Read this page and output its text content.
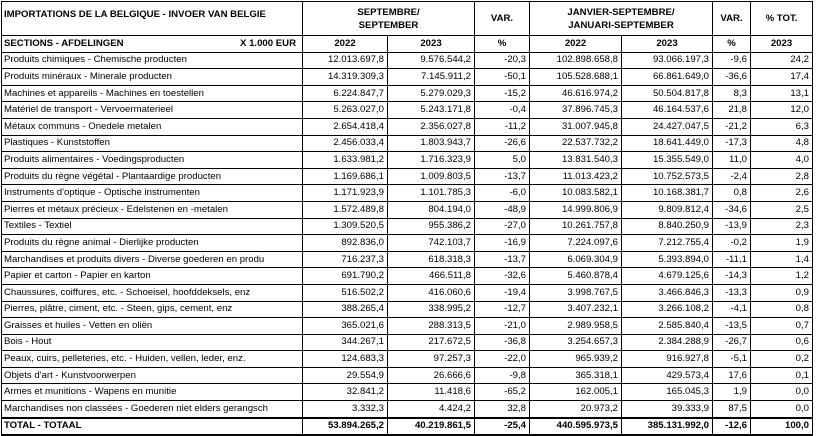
IMPORTATIONS DE LA BELGIQUE - INVOER VAN BELGIE	SEPTEMBRE/
SEPTEMBER		VAR.	JANVIER-SEPTEMBRE/
JANUARI-SEPTEMBER		VAR.	% TOT.
SECTIONS - AFDELINGEN X 1.000 EUR	2022	2023	%	2022	2023	%	2023
Produits chimiques - Chemische producten	12.013.697,8	9.576.544,2	-20,3	102.898.658,8	93.066.197,3	-9,6	24,2
Produits minéraux - Minerale producten	14.319.309,3	7.145.911,2	-50,1	105.528.688,1	66.861.649,0	-36,6	17,4
Machines et appareils - Machines en toestellen	6.224.847,7	5.279.029,3	-15,2	46.616.974,2	50.504.817,8	8,3	13,1
Matériel de transport - Vervoermaterieel	5.263.027,0	5.243.171,8	-0,4	37.896.745,3	46.164.537,6	21,8	12,0
Métaux communs - Onedele metalen	2.654.418,4	2.356.027,8	-11,2	31.007.945,8	24.427.047,5	-21,2	6,3
Plastiques - Kunststoffen	2.456.033,4	1.803.943,7	-26,6	22.537.732,2	18.641.449,0	-17,3	4,8
Produits alimentaires - Voedingsproducten	1.633.981,2	1.716.323,9	5,0	13.831.540,3	15.355.549,0	11,0	4,0
Produits du règne végétal - Plantaardige producten	1.169.686,1	1.009.803,5	-13,7	11.013.423,2	10.752.573,5	-2,4	2,8
Instruments d'optique - Optische instrumenten	1.171.923,9	1.101.785,3	-6,0	10.083.582,1	10.168.381,7	0,8	2,6
Pierres et métaux précieux - Edelstenen en -metalen	1.572.489,8	804.194,0	-48,9	14.999.806,9	9.809.812,4	-34,6	2,5
Textiles - Textiel	1.309.520,5	955.386,2	-27,0	10.261.757,8	8.840.250,9	-13,9	2,3
Produits du règne animal - Dierlijke producten	892.836,0	742.103,7	-16,9	7.224.097,6	7.212.755,4	-0,2	1,9
Marchandises et produits divers - Diverse goederen en produ	716.237,3	618.318,3	-13,7	6.069.304,9	5.393.894,0	-11,1	1,4
Papier et carton - Papier en karton	691.790,2	466.511,8	-32,6	5.460.878,4	4.679.125,6	-14,3	1,2
Chaussures, coiffures, etc. - Schoeisel, hoofddeksels, enz	516.502,2	416.060,6	-19,4	3.998.767,5	3.466.846,3	-13,3	0,9
Pierres, plâtre, ciment, etc. - Steen, gips, cement, enz	388.265,4	338.995,2	-12,7	3.407.232,1	3.266.108,2	-4,1	0,8
Graisses et huiles - Vetten en oliën	365.021,6	288.313,5	-21,0	2.989.958,5	2.585.840,4	-13,5	0,7
Bois - Hout	344.267,1	217.672,5	-36,8	3.254.657,3	2.384.288,9	-26,7	0,6
Peaux, cuirs, pelleteries, etc. - Huiden, vellen, leder, enz.	124.683,3	97.257,3	-22,0	965.939,2	916.927,8	-5,1	0,2
Objets d'art - Kunstvoorwerpen	29.554,9	26.666,6	-9,8	365.318,1	429.573,4	17,6	0,1
Armes et munitions - Wapens en munitie	32.841,2	11.418,6	-65,2	162.005,1	165.045,3	1,9	0,0
Marchandises non classées - Goederen niet elders gerangsch	3.332,3	4.424,2	32,8	20.973,2	39.333,9	87,5	0,0
TOTAL - TOTAAL	53.894.265,2	40.219.861,5	-25,4	440.595.973,5	385.131.992,0	-12,6	100,0
